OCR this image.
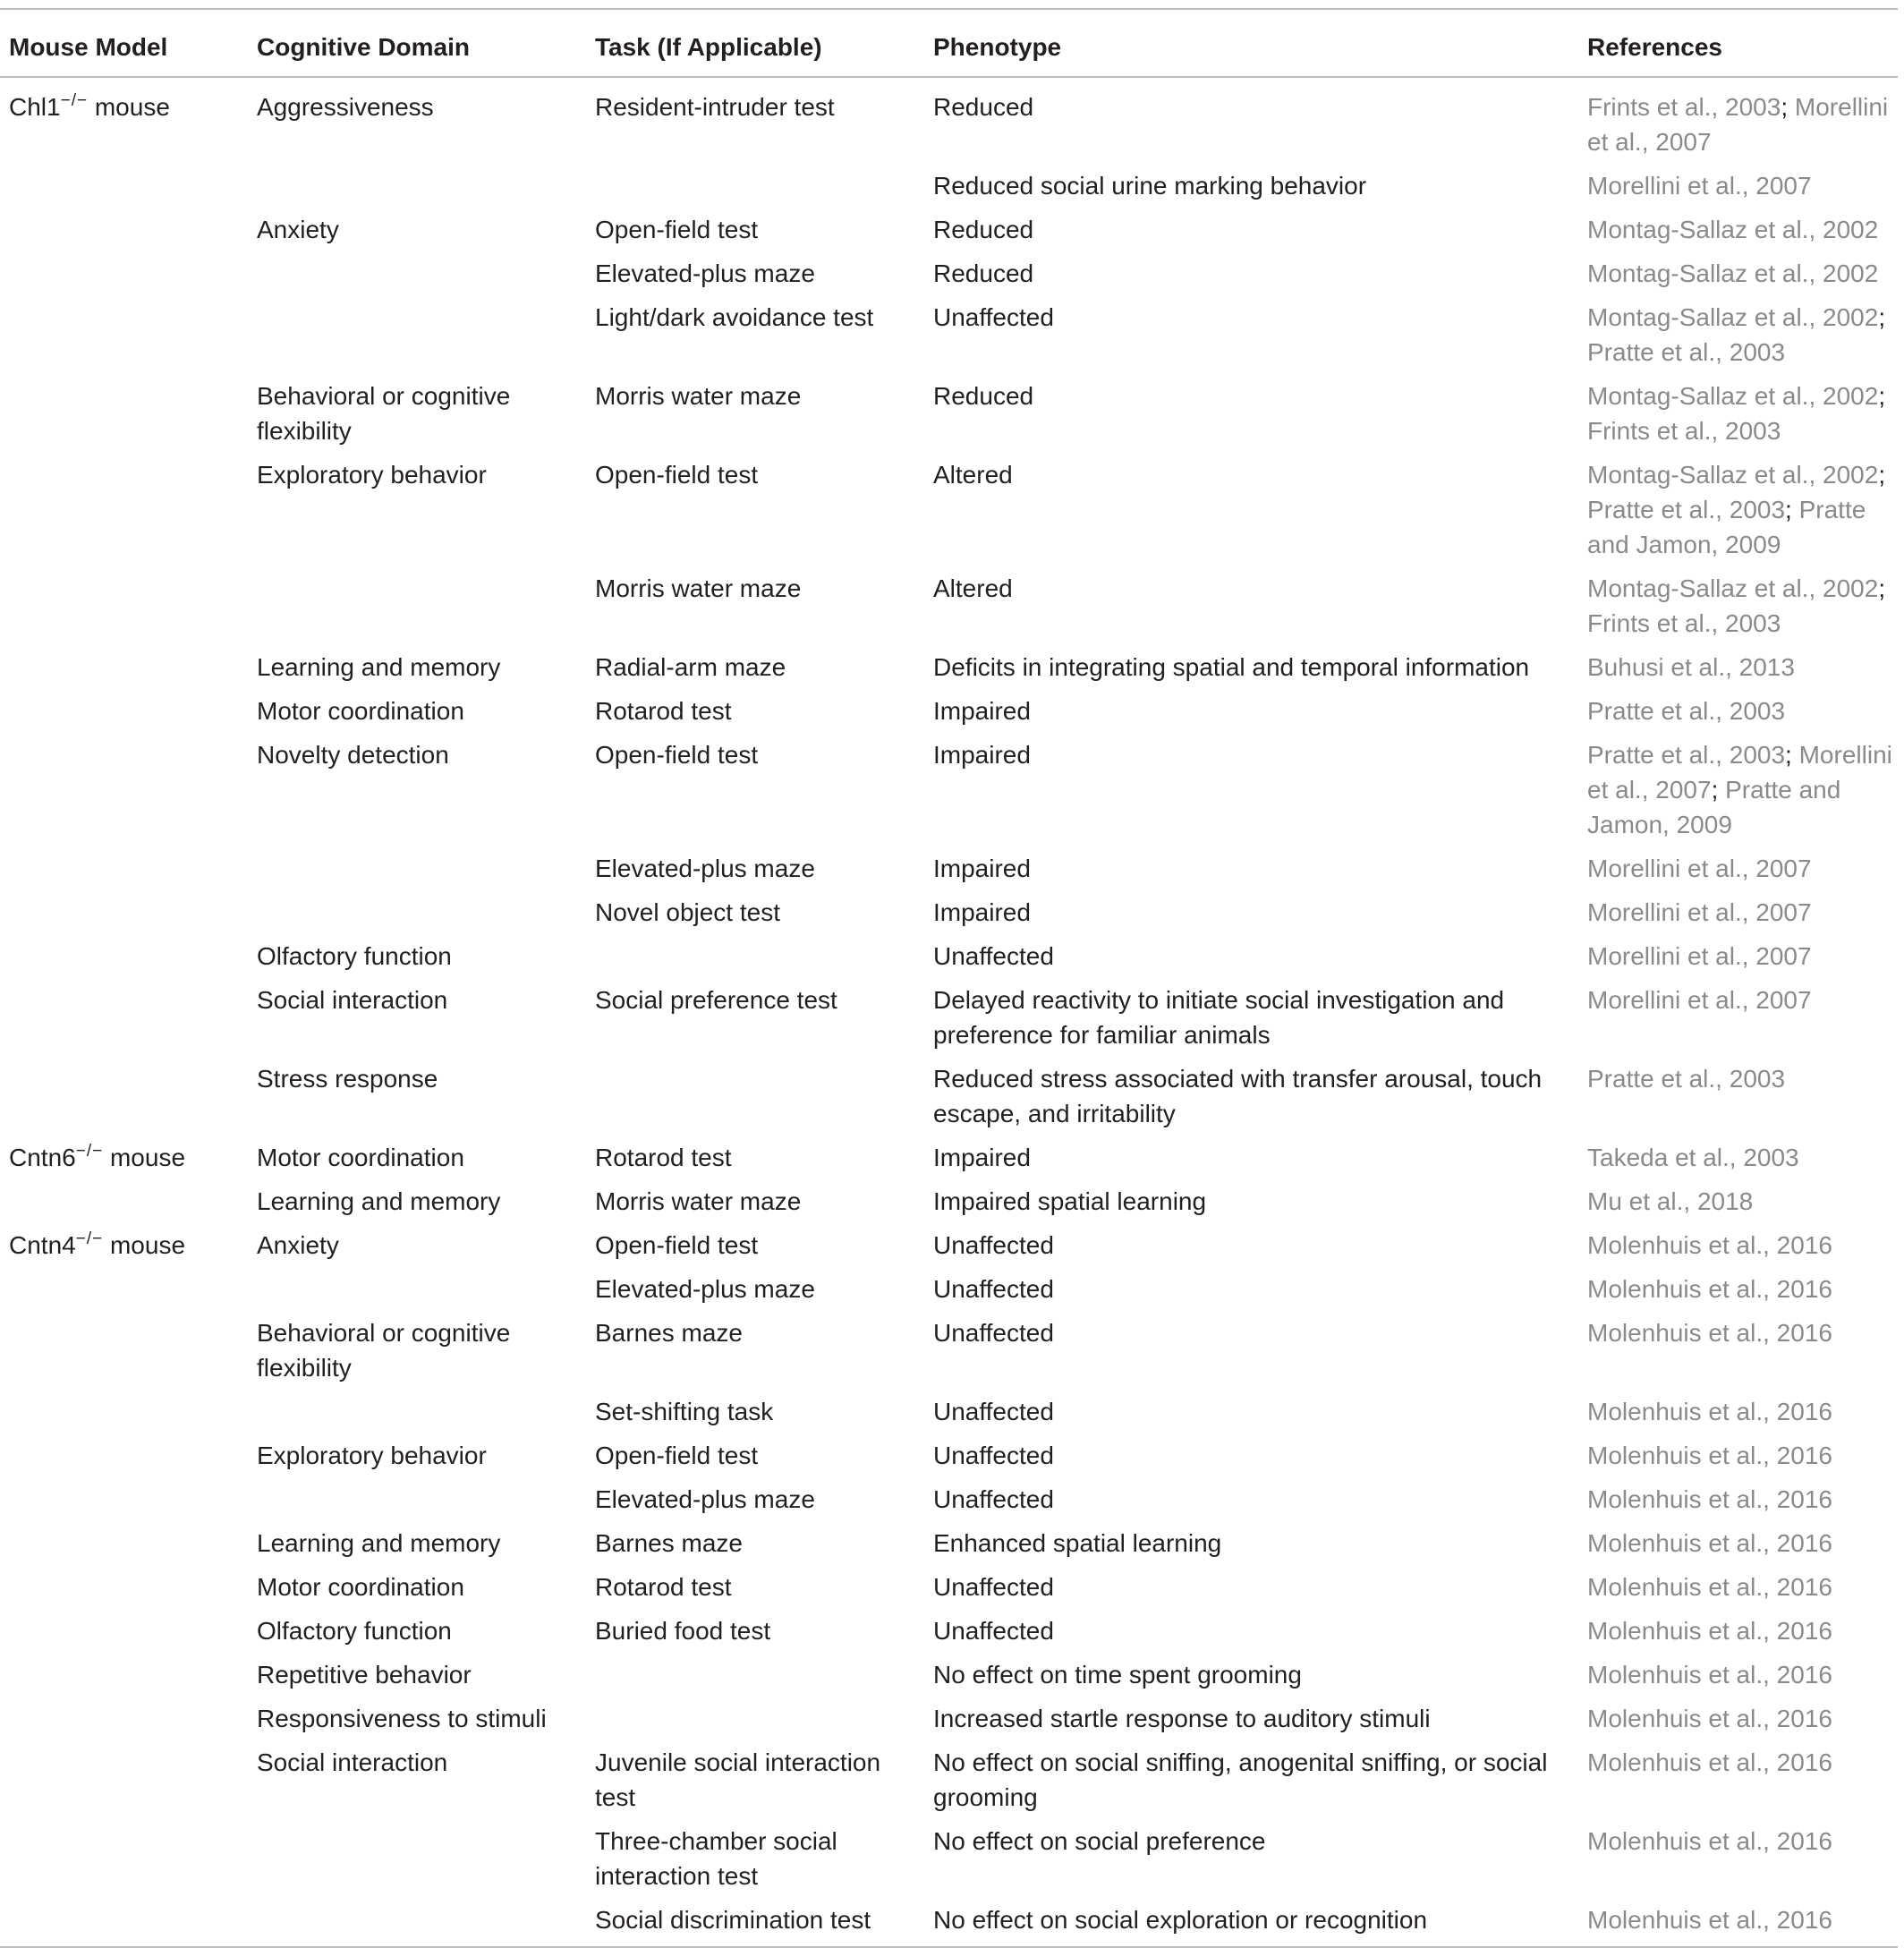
Mouse Model	Cognitive Domain	Task (If Applicable)	Phenotype	References
Chl1−/− mouse	Aggressiveness	Resident-intruder test	Reduced	Frints et al., 2003; Morellini et al., 2007
			Reduced social urine marking behavior	Morellini et al., 2007
	Anxiety	Open-field test	Reduced	Montag-Sallaz et al., 2002
		Elevated-plus maze	Reduced	Montag-Sallaz et al., 2002
		Light/dark avoidance test	Unaffected	Montag-Sallaz et al., 2002; Pratte et al., 2003
	Behavioral or cognitive flexibility	Morris water maze	Reduced	Montag-Sallaz et al., 2002; Frints et al., 2003
	Exploratory behavior	Open-field test	Altered	Montag-Sallaz et al., 2002; Pratte et al., 2003; Pratte and Jamon, 2009
		Morris water maze	Altered	Montag-Sallaz et al., 2002; Frints et al., 2003
	Learning and memory	Radial-arm maze	Deficits in integrating spatial and temporal information	Buhusi et al., 2013
	Motor coordination	Rotarod test	Impaired	Pratte et al., 2003
	Novelty detection	Open-field test	Impaired	Pratte et al., 2003; Morellini et al., 2007; Pratte and Jamon, 2009
		Elevated-plus maze	Impaired	Morellini et al., 2007
		Novel object test	Impaired	Morellini et al., 2007
	Olfactory function		Unaffected	Morellini et al., 2007
	Social interaction	Social preference test	Delayed reactivity to initiate social investigation and preference for familiar animals	Morellini et al., 2007
	Stress response		Reduced stress associated with transfer arousal, touch escape, and irritability	Pratte et al., 2003
Cntn6−/− mouse	Motor coordination	Rotarod test	Impaired	Takeda et al., 2003
	Learning and memory	Morris water maze	Impaired spatial learning	Mu et al., 2018
Cntn4−/− mouse	Anxiety	Open-field test	Unaffected	Molenhuis et al., 2016
		Elevated-plus maze	Unaffected	Molenhuis et al., 2016
	Behavioral or cognitive flexibility	Barnes maze	Unaffected	Molenhuis et al., 2016
		Set-shifting task	Unaffected	Molenhuis et al., 2016
	Exploratory behavior	Open-field test	Unaffected	Molenhuis et al., 2016
		Elevated-plus maze	Unaffected	Molenhuis et al., 2016
	Learning and memory	Barnes maze	Enhanced spatial learning	Molenhuis et al., 2016
	Motor coordination	Rotarod test	Unaffected	Molenhuis et al., 2016
	Olfactory function	Buried food test	Unaffected	Molenhuis et al., 2016
	Repetitive behavior		No effect on time spent grooming	Molenhuis et al., 2016
	Responsiveness to stimuli		Increased startle response to auditory stimuli	Molenhuis et al., 2016
	Social interaction	Juvenile social interaction test	No effect on social sniffing, anogenital sniffing, or social grooming	Molenhuis et al., 2016
		Three-chamber social interaction test	No effect on social preference	Molenhuis et al., 2016
		Social discrimination test	No effect on social exploration or recognition	Molenhuis et al., 2016
